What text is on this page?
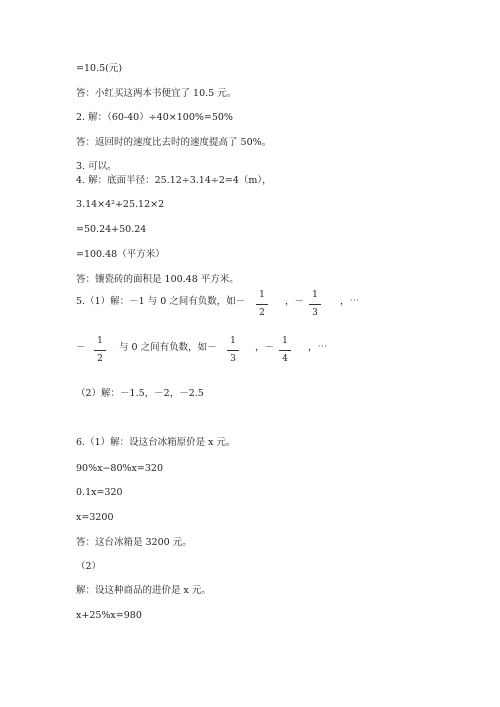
=10.5(元)
答：小红买这两本书便宜了 10.5 元。
2. 解：（60-40）÷40×100%=50%
答：返回时的速度比去时的速度提高了 50%。
3. 可以。
4. 解：底面半径：25.12÷3.14÷2=4（m），
3.14×4²+25.12×2
=50.24+50.24
=100.48（平方米）
答：镶瓷砖的面积是 100.48 平方米。
5.（1）解：－1 与 0 之间有负数，如－
1
2
，－
1
3
，⋯
－
1
2
与 0 之间有负数，如－
1
3
，－
1
4
，⋯
（2）解：－1.5，－2，－2.5
6.（1）解：设这台冰箱原价是 x 元。
90%x−80%x=320
0.1x=320
x=3200
答：这台冰箱是 3200 元。
（2）
解：设这种商品的进价是 x 元。
x+25%x=980
